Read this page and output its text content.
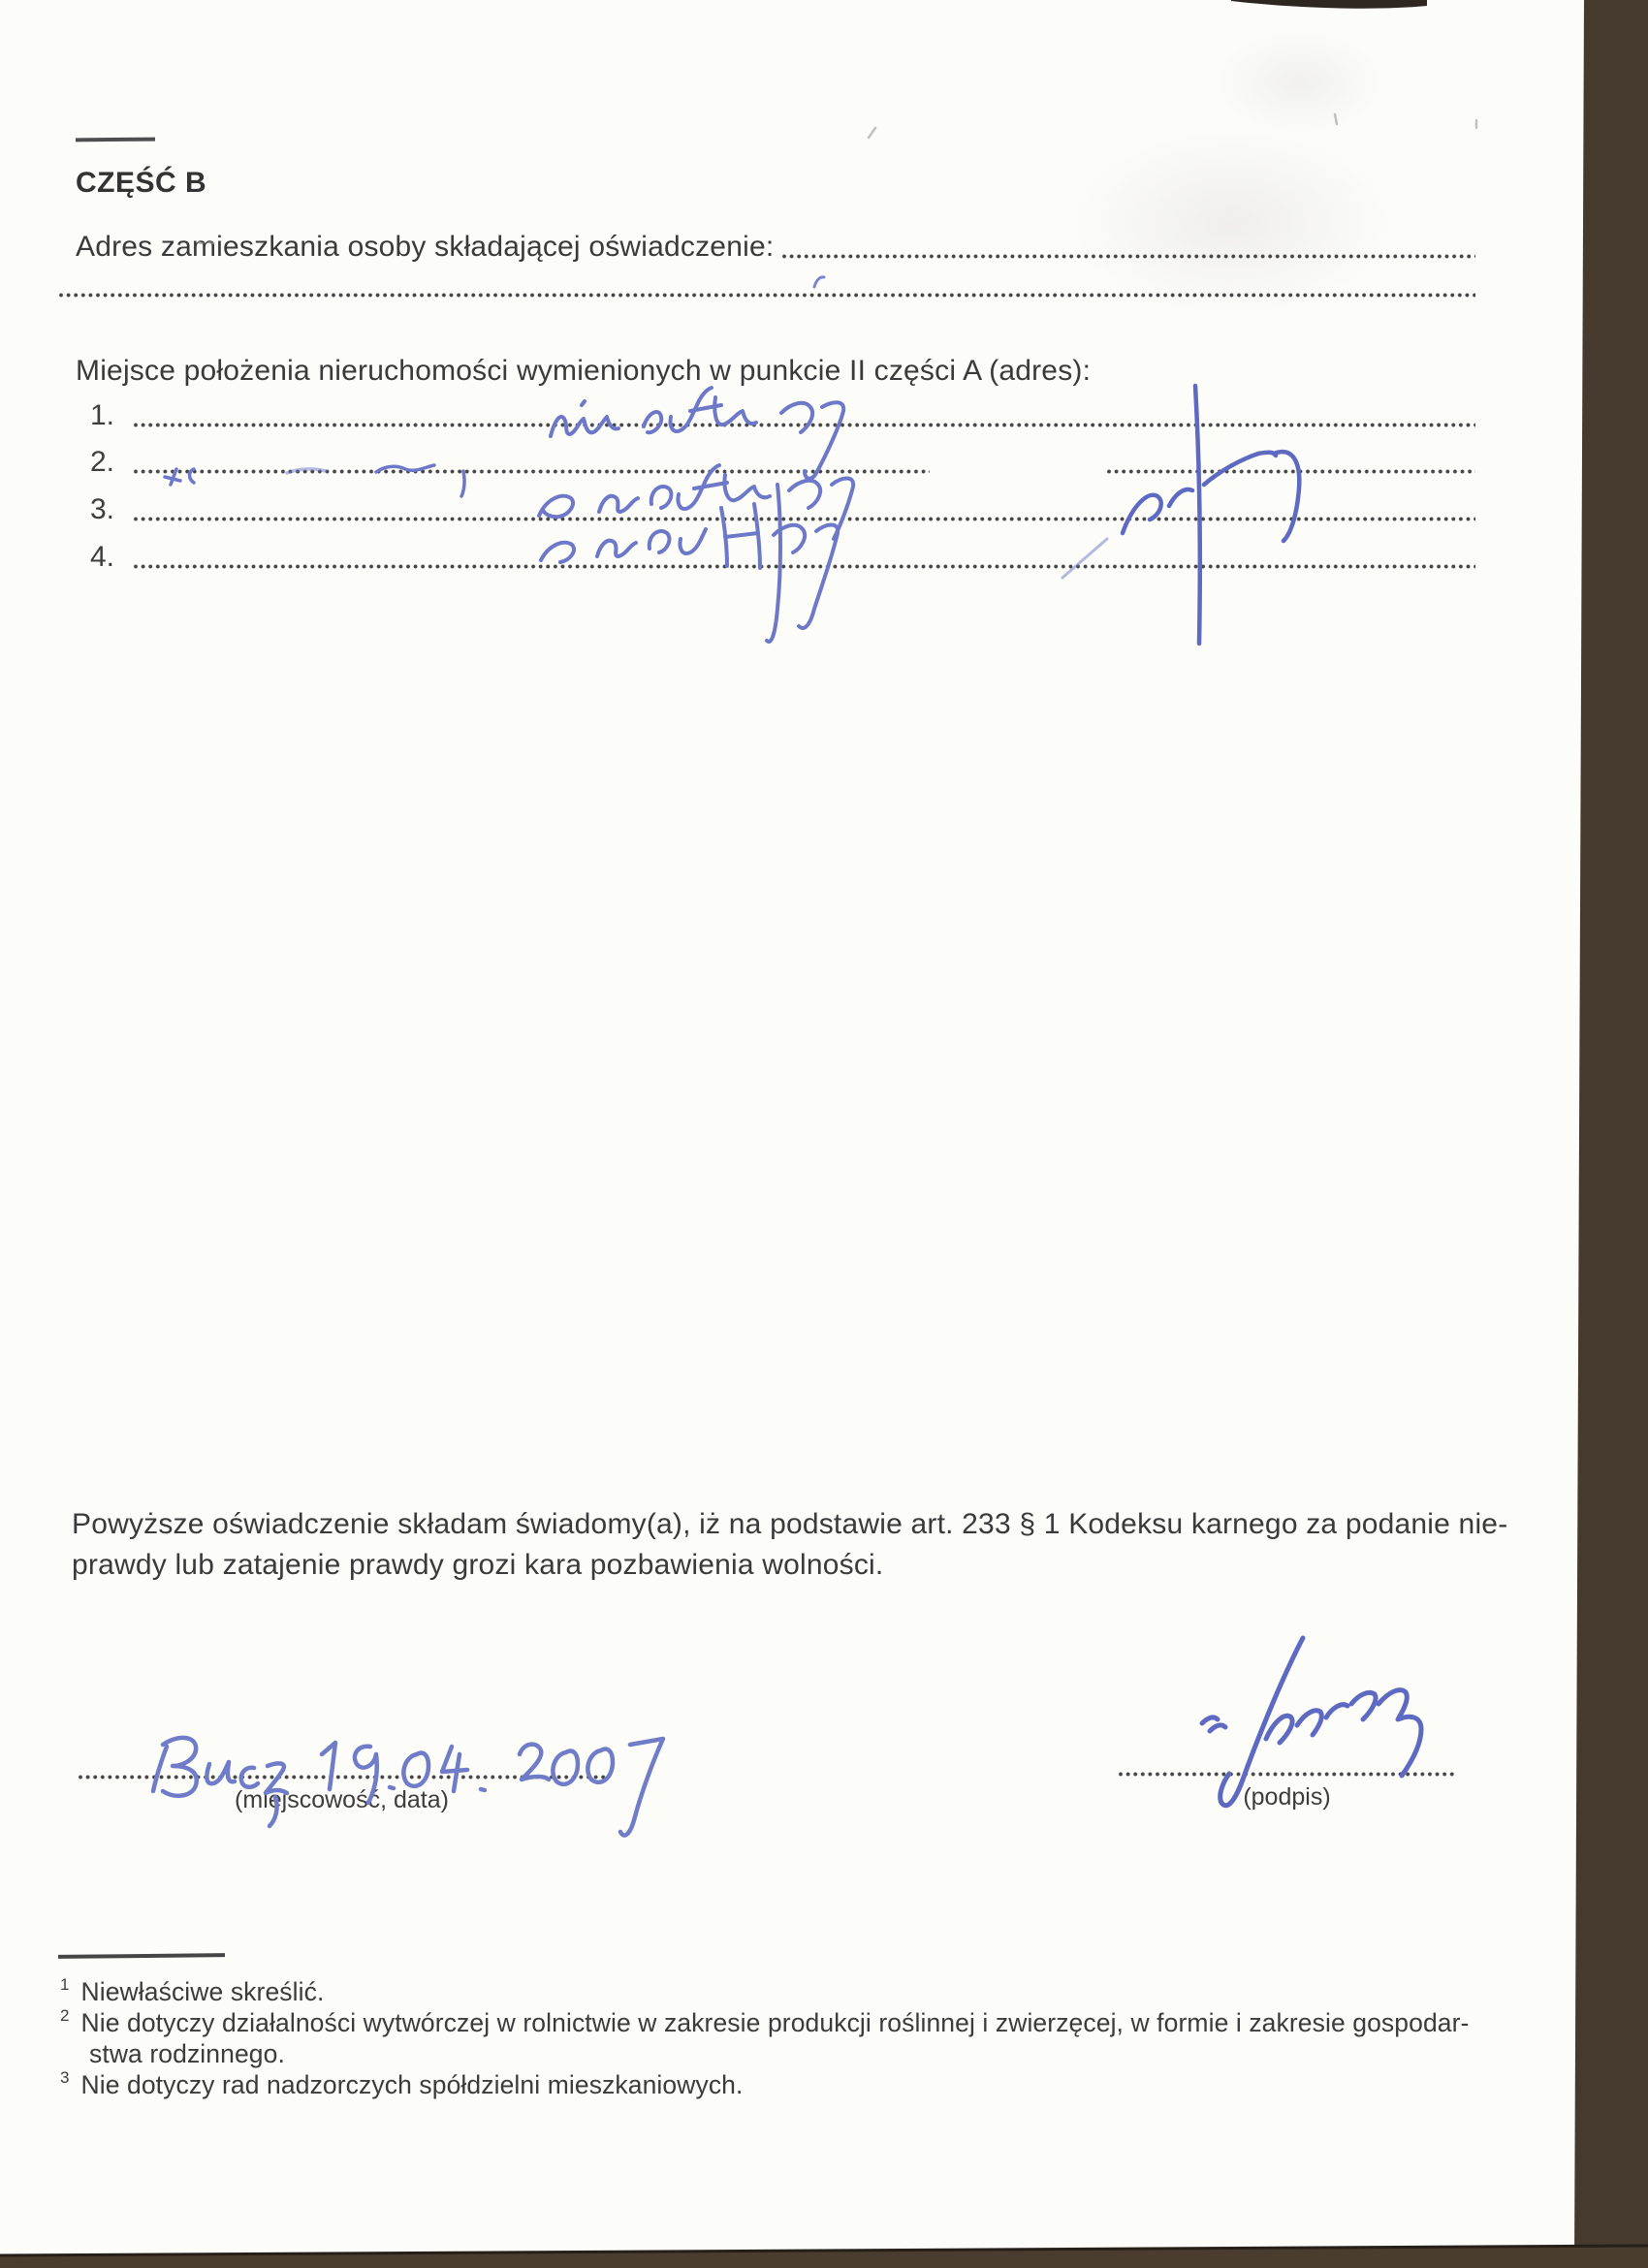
CZĘŚĆ B
Adres zamieszkania osoby składającej oświadczenie:
Miejsce położenia nieruchomości wymienionych w punkcie II części A (adres):
1.
2.
3.
4.
Powyższe oświadczenie składam świadomy(a), iż na podstawie art. 233 § 1 Kodeksu karnego za podanie nie-
prawdy lub zatajenie prawdy grozi kara pozbawienia wolności.
(miejscowość, data)	(podpis)
1 Niewłaściwe skreślić.
2 Nie dotyczy działalności wytwórczej w rolnictwie w zakresie produkcji roślinnej i zwierzęcej, w formie i zakresie gospodar-
stwa rodzinnego.
3 Nie dotyczy rad nadzorczych spółdzielni mieszkaniowych.
